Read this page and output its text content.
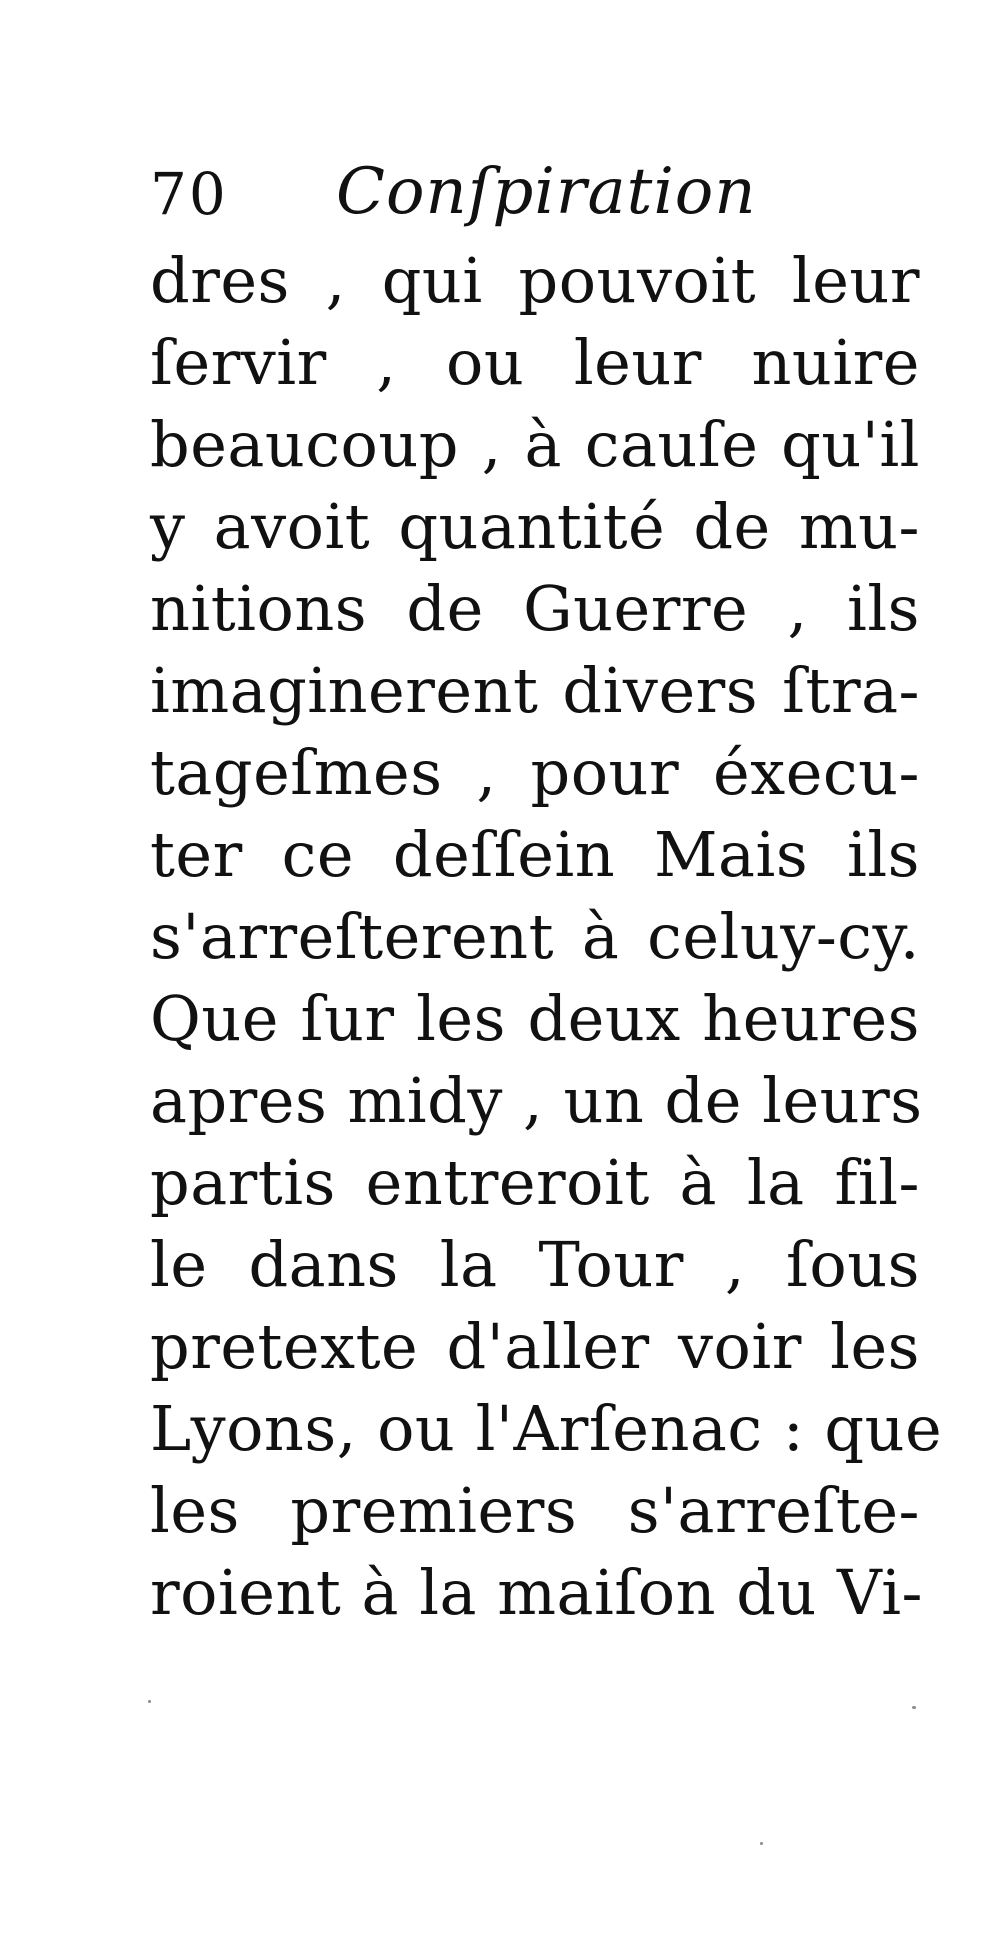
70 Conſpiration
dres , qui pouvoit leur
ſervir , ou leur nuire
beaucoup , à cauſe qu'il
y avoit quantité de mu-
nitions de Guerre , ils
imaginerent divers ſtra-
tageſmes , pour éxecu-
ter ce deſſein Mais ils
s'arreſterent à celuy-cy.
Que ſur les deux heures
apres midy , un de leurs
partis entreroit à la fil-
le dans la Tour , ſous
pretexte d'aller voir les
Lyons, ou l'Arſenac : que
les premiers s'arreſte-
roient à la maiſon du Vi-
